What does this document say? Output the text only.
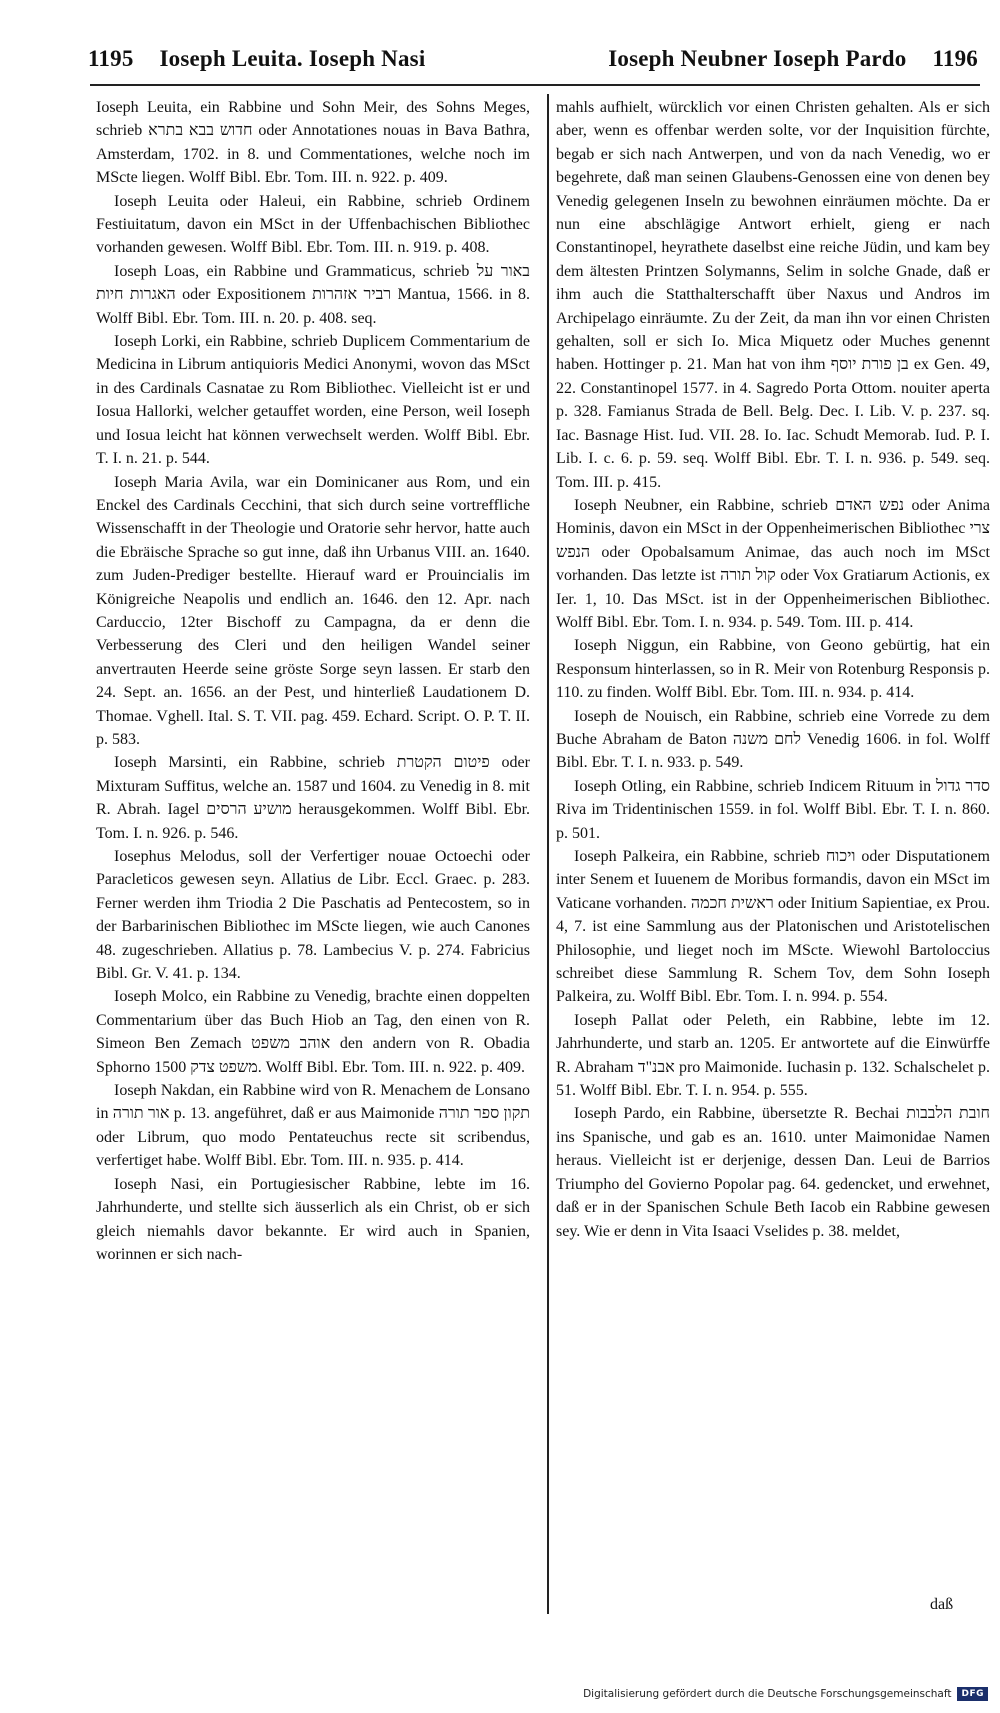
1195 Ioseph Leuita. Ioseph Nasi	Ioseph Neubner Ioseph Pardo 1196

Ioseph Leuita, ein Rabbine und Sohn Meir, des Sohns Meges, schrieb חדוש בבא בתרא oder Annotationes nouas in Bava Bathra, Amsterdam, 1702. in 8. und Commentationes, welche noch im MScte liegen. Wolff Bibl. Ebr. Tom. III. n. 922. p. 409.

Ioseph Leuita oder Haleui, ein Rabbine, schrieb Ordinem Festiuitatum, davon ein MSct in der Uffenbachischen Bibliothec vorhanden gewesen. Wolff Bibl. Ebr. Tom. III. n. 919. p. 408.

Ioseph Loas, ein Rabbine und Grammaticus, schrieb באור על האגרות חיות oder Expositionem רביר אזהרות Mantua, 1566. in 8. Wolff Bibl. Ebr. Tom. III. n. 20. p. 408. seq.

Ioseph Lorki, ein Rabbine, schrieb Duplicem Commentarium de Medicina in Librum antiquioris Medici Anonymi, wovon das MSct in des Cardinals Casnatae zu Rom Bibliothec. Vielleicht ist er und Iosua Hallorki, welcher getauffet worden, eine Person, weil Ioseph und Iosua leicht hat können verwechselt werden. Wolff Bibl. Ebr. T. I. n. 21. p. 544.

Ioseph Maria Avila, war ein Dominicaner aus Rom, und ein Enckel des Cardinals Cecchini, that sich durch seine vortreffliche Wissenschafft in der Theologie und Oratorie sehr hervor, hatte auch die Ebräische Sprache so gut inne, daß ihn Urbanus VIII. an. 1640. zum Juden-Prediger bestellte. Hierauf ward er Prouincialis im Königreiche Neapolis und endlich an. 1646. den 12. Apr. nach Carduccio, 12ter Bischoff zu Campagna, da er denn die Verbesserung des Cleri und den heiligen Wandel seiner anvertrauten Heerde seine gröste Sorge seyn lassen. Er starb den 24. Sept. an. 1656. an der Pest, und hinterließ Laudationem D. Thomae. Vghell. Ital. S. T. VII. pag. 459. Echard. Script. O. P. T. II. p. 583.

Ioseph Marsinti, ein Rabbine, schrieb פיטום הקטרת oder Mixturam Suffitus, welche an. 1587 und 1604. zu Venedig in 8. mit R. Abrah. Iagel מושיע הרסים herausgekommen. Wolff Bibl. Ebr. Tom. I. n. 926. p. 546.

Iosephus Melodus, soll der Verfertiger nouae Octoechi oder Paracleticos gewesen seyn. Allatius de Libr. Eccl. Graec. p. 283. Ferner werden ihm Triodia 2 Die Paschatis ad Pentecostem, so in der Barbarinischen Bibliothec im MScte liegen, wie auch Canones 48. zugeschrieben. Allatius p. 78. Lambecius V. p. 274. Fabricius Bibl. Gr. V. 41. p. 134.

Ioseph Molco, ein Rabbine zu Venedig, brachte einen doppelten Commentarium über das Buch Hiob an Tag, den einen von R. Simeon Ben Zemach אוהב משפט den andern von R. Obadia Sphorno משפט צדק 1500. Wolff Bibl. Ebr. Tom. III. n. 922. p. 409.

Ioseph Nakdan, ein Rabbine wird von R. Menachem de Lonsano in אור תורה p. 13. angeführet, daß er aus Maimonide תקון ספר תורה oder Librum, quo modo Pentateuchus recte sit scribendus, verfertiget habe. Wolff Bibl. Ebr. Tom. III. n. 935. p. 414.

Ioseph Nasi, ein Portugiesischer Rabbine, lebte im 16. Jahrhunderte, und stellte sich äusserlich als ein Christ, ob er sich gleich niemahls davor bekannte. Er wird auch in Spanien, worinnen er sich nach-

mahls aufhielt, würcklich vor einen Christen gehalten. Als er sich aber, wenn es offenbar werden solte, vor der Inquisition fürchte, begab er sich nach Antwerpen, und von da nach Venedig, wo er begehrete, daß man seinen Glaubens-Genossen eine von denen bey Venedig gelegenen Inseln zu bewohnen einräumen möchte. Da er nun eine abschlägige Antwort erhielt, gieng er nach Constantinopel, heyrathete daselbst eine reiche Jüdin, und kam bey dem ältesten Printzen Solymanns, Selim in solche Gnade, daß er ihm auch die Statthalterschafft über Naxus und Andros im Archipelago einräumte. Zu der Zeit, da man ihn vor einen Christen gehalten, soll er sich Io. Mica Miquetz oder Muches genennt haben. Hottinger p. 21. Man hat von ihm בן פורת יוסף ex Gen. 49, 22. Constantinopel 1577. in 4. Sagredo Porta Ottom. nouiter aperta p. 328. Famianus Strada de Bell. Belg. Dec. I. Lib. V. p. 237. sq. Iac. Basnage Hist. Iud. VII. 28. Io. Iac. Schudt Memorab. Iud. P. I. Lib. I. c. 6. p. 59. seq. Wolff Bibl. Ebr. T. I. n. 936. p. 549. seq. Tom. III. p. 415.

Ioseph Neubner, ein Rabbine, schrieb נפש האדם oder Anima Hominis, davon ein MSct in der Oppenheimerischen Bibliothec צרי הנפש oder Opobalsamum Animae, das auch noch im MSct vorhanden. Das letzte ist קול תורה oder Vox Gratiarum Actionis, ex Ier. 1, 10. Das MSct. ist in der Oppenheimerischen Bibliothec. Wolff Bibl. Ebr. Tom. I. n. 934. p. 549. Tom. III. p. 414.

Ioseph Niggun, ein Rabbine, von Geono gebürtig, hat ein Responsum hinterlassen, so in R. Meir von Rotenburg Responsis p. 110. zu finden. Wolff Bibl. Ebr. Tom. III. n. 934. p. 414.

Ioseph de Nouisch, ein Rabbine, schrieb eine Vorrede zu dem Buche Abraham de Baton לחם משנה Venedig 1606. in fol. Wolff Bibl. Ebr. T. I. n. 933. p. 549.

Ioseph Otling, ein Rabbine, schrieb Indicem Rituum in סדר גדול Riva im Tridentinischen 1559. in fol. Wolff Bibl. Ebr. T. I. n. 860. p. 501.

Ioseph Palkeira, ein Rabbine, schrieb ויכוח oder Disputationem inter Senem et Iuuenem de Moribus formandis, davon ein MSct im Vaticane vorhanden. ראשית חכמה oder Initium Sapientiae, ex Prou. 4, 7. ist eine Sammlung aus der Platonischen und Aristotelischen Philosophie, und lieget noch im MScte. Wiewohl Bartoloccius schreibet diese Sammlung R. Schem Tov, dem Sohn Ioseph Palkeira, zu. Wolff Bibl. Ebr. Tom. I. n. 994. p. 554.

Ioseph Pallat oder Peleth, ein Rabbine, lebte im 12. Jahrhunderte, und starb an. 1205. Er antwortete auf die Einwürffe R. Abraham אבנ"ד pro Maimonide. Iuchasin p. 132. Schalschelet p. 51. Wolff Bibl. Ebr. T. I. n. 954. p. 555.

Ioseph Pardo, ein Rabbine, übersetzte R. Bechai חובת הלבבות ins Spanische, und gab es an. 1610. unter Maimonidae Namen heraus. Vielleicht ist er derjenige, dessen Dan. Leui de Barrios Triumpho del Govierno Popolar pag. 64. gedencket, und erwehnet, daß er in der Spanischen Schule Beth Iacob ein Rabbine gewesen sey. Wie er denn in Vita Isaaci Vselides p. 38. meldet,

daß
Digitalisierung gefördert durch die Deutsche Forschungsgemeinschaft	DFG
